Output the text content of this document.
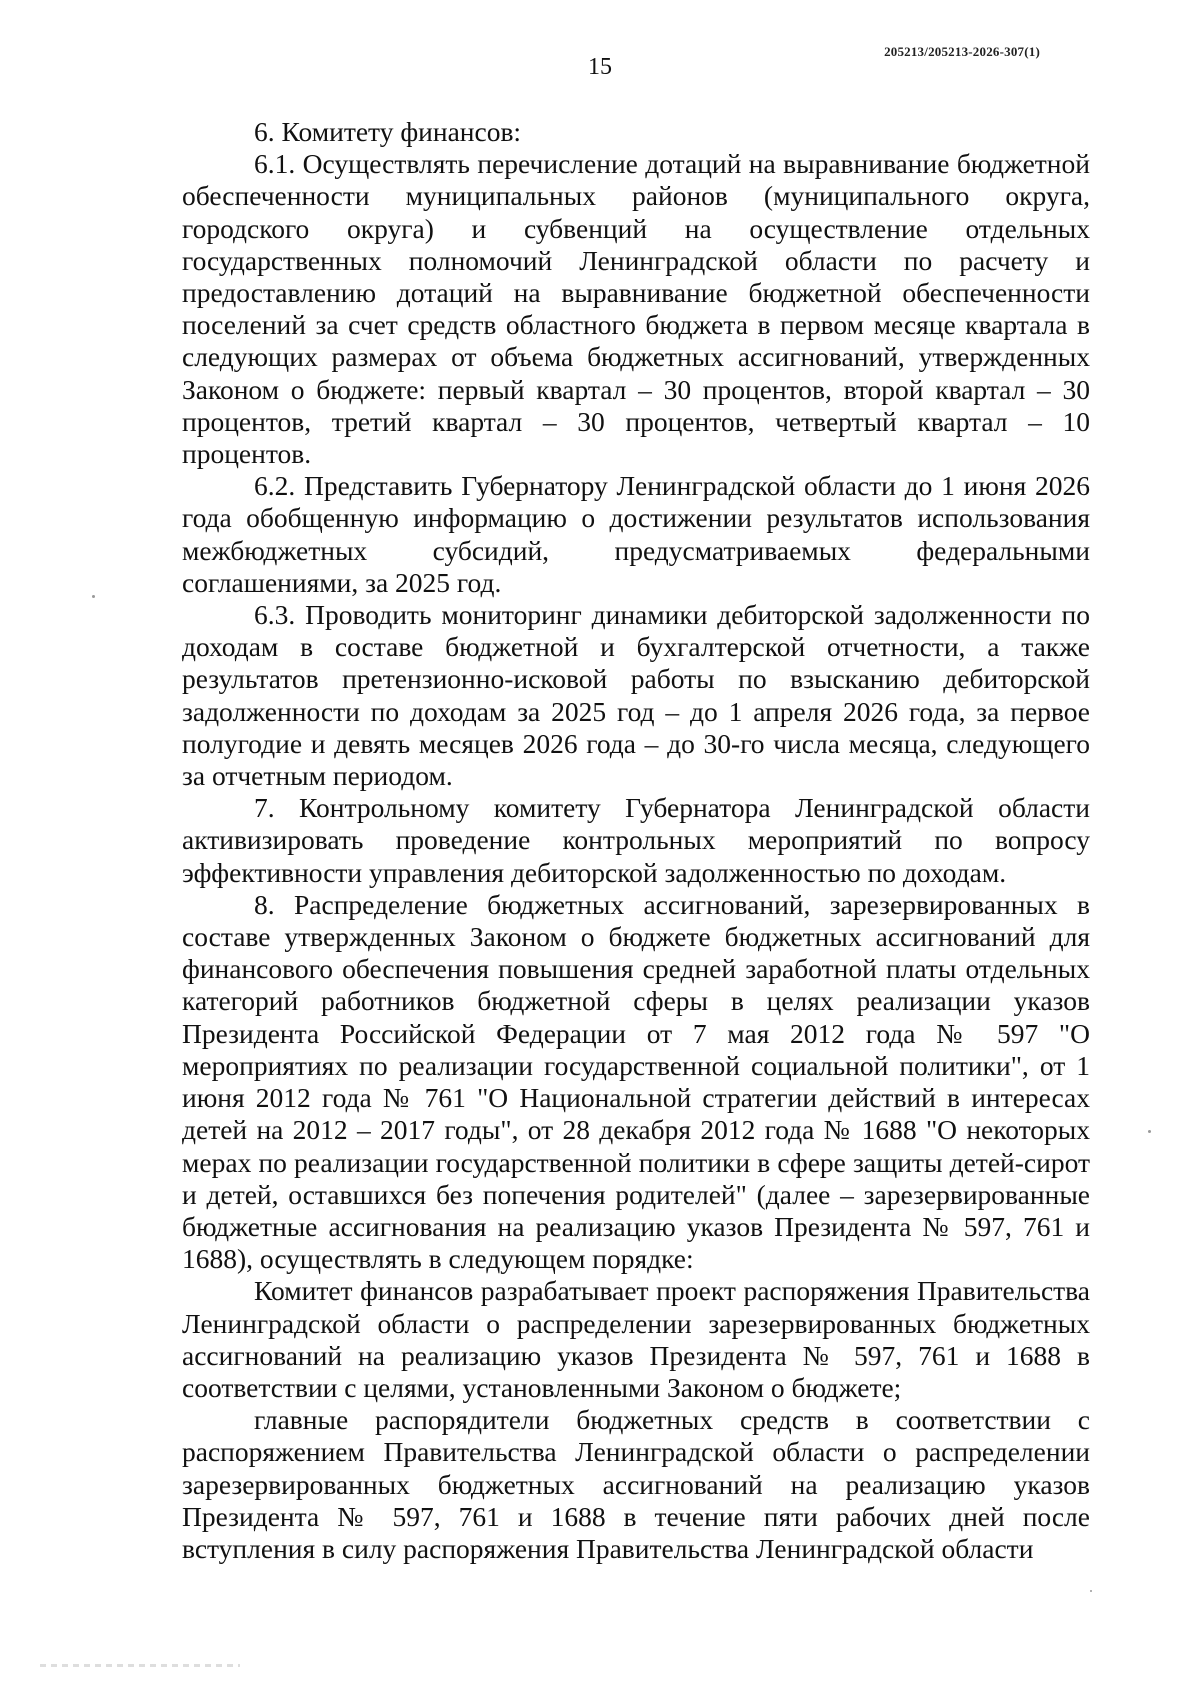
205213/205213-2026-307(1)
15

6. Комитету финансов:

6.1. Осуществлять перечисление дотаций на выравнивание бюджетной обеспеченности муниципальных районов (муниципального округа, городского округа) и субвенций на осуществление отдельных государственных полномочий Ленинградской области по расчету и предоставлению дотаций на выравнивание бюджетной обеспеченности поселений за счет средств областного бюджета в первом месяце квартала в следующих размерах от объема бюджетных ассигнований, утвержденных Законом о бюджете: первый квартал – 30 процентов, второй квартал – 30 процентов, третий квартал – 30 процентов, четвертый квартал – 10 процентов.

6.2. Представить Губернатору Ленинградской области до 1 июня 2026 года обобщенную информацию о достижении результатов использования межбюджетных субсидий, предусматриваемых федеральными соглашениями, за 2025 год.

6.3. Проводить мониторинг динамики дебиторской задолженности по доходам в составе бюджетной и бухгалтерской отчетности, а также результатов претензионно-исковой работы по взысканию дебиторской задолженности по доходам за 2025 год – до 1 апреля 2026 года, за первое полугодие и девять месяцев 2026 года – до 30-го числа месяца, следующего за отчетным периодом.

7. Контрольному комитету Губернатора Ленинградской области активизировать проведение контрольных мероприятий по вопросу эффективности управления дебиторской задолженностью по доходам.

8. Распределение бюджетных ассигнований, зарезервированных в составе утвержденных Законом о бюджете бюджетных ассигнований для финансового обеспечения повышения средней заработной платы отдельных категорий работников бюджетной сферы в целях реализации указов Президента Российской Федерации от 7 мая 2012 года № 597 "О мероприятиях по реализации государственной социальной политики", от 1 июня 2012 года № 761 "О Национальной стратегии действий в интересах детей на 2012 – 2017 годы", от 28 декабря 2012 года № 1688 "О некоторых мерах по реализации государственной политики в сфере защиты детей-сирот и детей, оставшихся без попечения родителей" (далее – зарезервированные бюджетные ассигнования на реализацию указов Президента № 597, 761 и 1688), осуществлять в следующем порядке:

Комитет финансов разрабатывает проект распоряжения Правительства Ленинградской области о распределении зарезервированных бюджетных ассигнований на реализацию указов Президента № 597, 761 и 1688 в соответствии с целями, установленными Законом о бюджете;

главные распорядители бюджетных средств в соответствии с распоряжением Правительства Ленинградской области о распределении зарезервированных бюджетных ассигнований на реализацию указов Президента № 597, 761 и 1688 в течение пяти рабочих дней после вступления в силу распоряжения Правительства Ленинградской области
